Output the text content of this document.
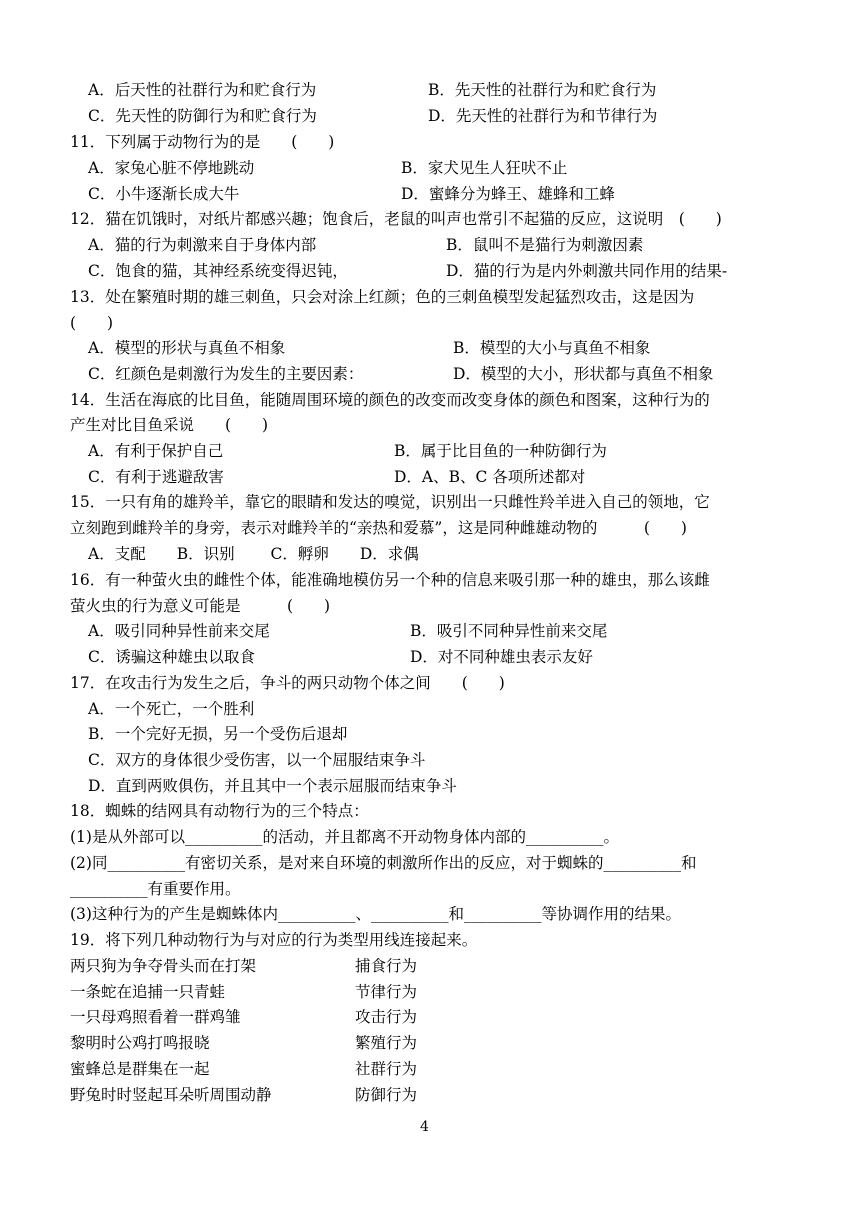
A．后天性的社群行为和贮食行为	B．先天性的社群行为和贮食行为
C．先天性的防御行为和贮食行为	D．先天性的社群行为和节律行为
11．下列属于动物行为的是　　(　　)
A．家兔心脏不停地跳动	B．家犬见生人狂吠不止
C．小牛逐渐长成大牛	D．蜜蜂分为蜂王、雄蜂和工蜂
12．猫在饥饿时，对纸片都感兴趣；饱食后，老鼠的叫声也常引不起猫的反应，这说明　(　　)
A．猫的行为刺激来自于身体内部	B．鼠叫不是猫行为刺激因素
C．饱食的猫，其神经系统变得迟钝，	D．猫的行为是内外刺激共同作用的结果-
13．处在繁殖时期的雄三刺鱼，只会对涂上红颜；色的三刺鱼模型发起猛烈攻击，这是因为
(　　)
A．模型的形状与真鱼不相象	B．模型的大小与真鱼不相象
C．红颜色是刺激行为发生的主要因素：	D．模型的大小，形状都与真鱼不相象
14．生活在海底的比目鱼，能随周围环境的颜色的改变而改变身体的颜色和图案，这种行为的
产生对比目鱼采说　　(　　)
A．有利于保护自己	B．属于比目鱼的一种防御行为
C．有利于逃避敌害	D．A、B、C 各项所述都对
15．一只有角的雄羚羊，靠它的眼睛和发达的嗅觉，识别出一只雌性羚羊进入自己的领地，它
立刻跑到雌羚羊的身旁，表示对雌羚羊的“亲热和爱慕”，这是同种雌雄动物的　　　(　　)
A．支配　　B．识别　　 C．孵卵　　D．求偶
16．有一种萤火虫的雌性个体，能准确地模仿另一个种的信息来吸引那一种的雄虫，那么该雌
萤火虫的行为意义可能是　　　(　　)
A．吸引同种异性前来交尾	B．吸引不同种异性前来交尾
C．诱骗这种雄虫以取食	D．对不同种雄虫表示友好
17．在攻击行为发生之后，争斗的两只动物个体之间　　(　　)
A．一个死亡，一个胜利
B．一个完好无损，另一个受伤后退却
C．双方的身体很少受伤害，以一个屈服结束争斗
D．直到两败俱伤，并且其中一个表示屈服而结束争斗
18．蜘蛛的结网具有动物行为的三个特点：
(1)是从外部可以__________的活动，并且都离不开动物身体内部的__________。
(2)同__________有密切关系，是对来自环境的刺激所作出的反应，对于蜘蛛的__________和
__________有重要作用。
(3)这种行为的产生是蜘蛛体内__________、__________和__________等协调作用的结果。
19．将下列几种动物行为与对应的行为类型用线连接起来。
两只狗为争夺骨头而在打架	捕食行为
一条蛇在追捕一只青蛙	节律行为
一只母鸡照看着一群鸡雏	攻击行为
黎明时公鸡打鸣报晓	繁殖行为
蜜蜂总是群集在一起	社群行为
野兔时时竖起耳朵听周围动静	防御行为
4
